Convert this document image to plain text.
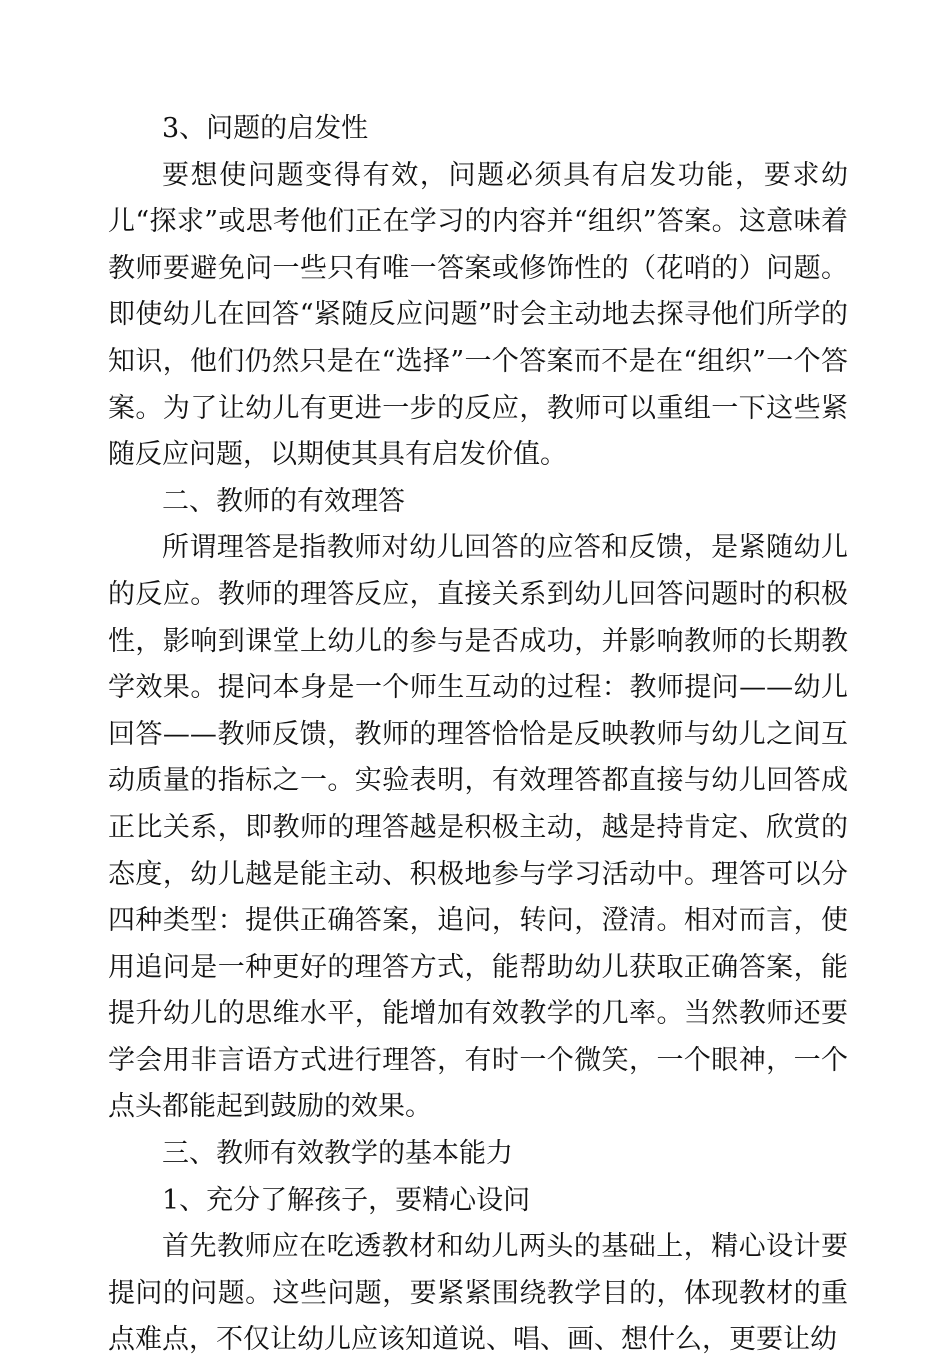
3、问题的启发性

要想使问题变得有效，问题必须具有启发功能，要求幼儿“探求”或思考他们正在学习的内容并“组织”答案。这意味着教师要避免问一些只有唯一答案或修饰性的（花哨的）问题。即使幼儿在回答“紧随反应问题”时会主动地去探寻他们所学的知识，他们仍然只是在“选择”一个答案而不是在“组织”一个答案。为了让幼儿有更进一步的反应，教师可以重组一下这些紧随反应问题，以期使其具有启发价值。

二、教师的有效理答

所谓理答是指教师对幼儿回答的应答和反馈，是紧随幼儿的反应。教师的理答反应，直接关系到幼儿回答问题时的积极性，影响到课堂上幼儿的参与是否成功，并影响教师的长期教学效果。提问本身是一个师生互动的过程：教师提问——幼儿回答——教师反馈，教师的理答恰恰是反映教师与幼儿之间互动质量的指标之一。实验表明，有效理答都直接与幼儿回答成正比关系，即教师的理答越是积极主动，越是持肯定、欣赏的态度，幼儿越是能主动、积极地参与学习活动中。理答可以分四种类型：提供正确答案，追问，转问，澄清。相对而言，使用追问是一种更好的理答方式，能帮助幼儿获取正确答案，能提升幼儿的思维水平，能增加有效教学的几率。当然教师还要学会用非言语方式进行理答，有时一个微笑，一个眼神，一个点头都能起到鼓励的效果。

三、教师有效教学的基本能力

1、充分了解孩子，要精心设问

首先教师应在吃透教材和幼儿两头的基础上，精心设计要提问的问题。这些问题，要紧紧围绕教学目的，体现教材的重点难点，不仅让幼儿应该知道说、唱、画、想什么，更要让幼
